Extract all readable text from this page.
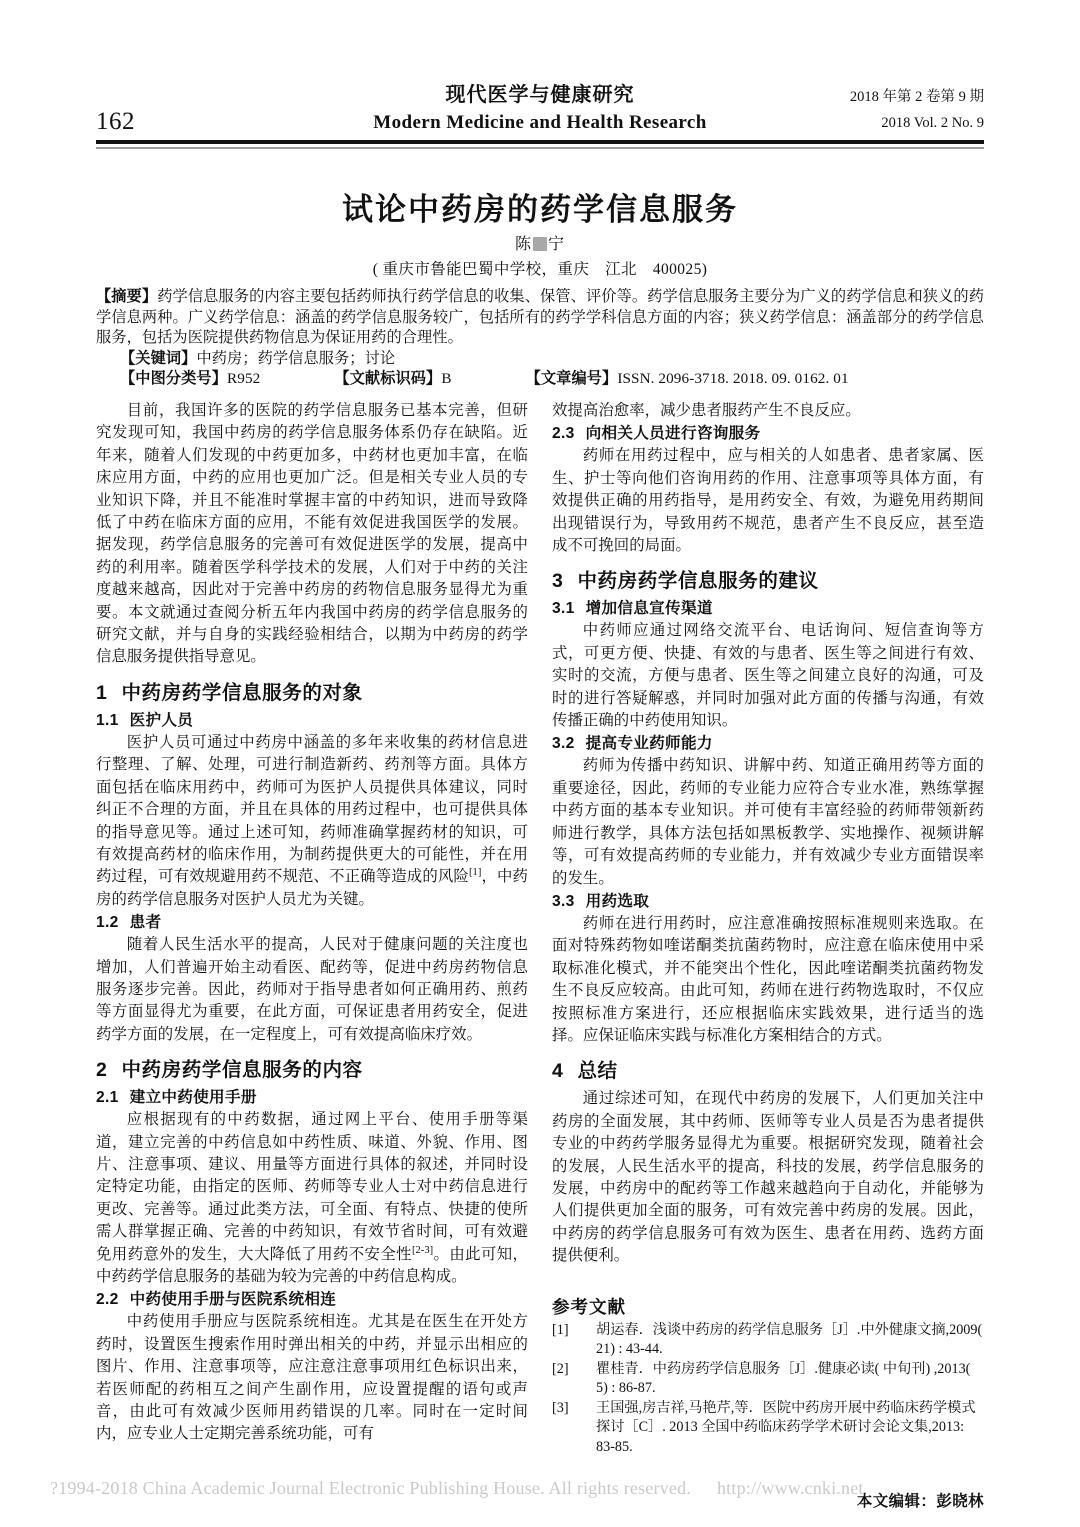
162
现代医学与健康研究
Modern Medicine and Health Research
2018 年第 2 卷第 9 期
2018 Vol. 2 No. 9
试论中药房的药学信息服务
陈 宁
( 重庆市鲁能巴蜀中学校，重庆　江北　400025)

【摘要】药学信息服务的内容主要包括药师执行药学信息的收集、保管、评价等。药学信息服务主要分为广义的药学信息和狭义的药学信息两种。广义药学信息：涵盖的药学信息服务较广，包括所有的药学学科信息方面的内容；狭义药学信息：涵盖部分的药学信息服务，包括为医院提供药物信息为保证用药的合理性。

【关键词】中药房；药学信息服务；讨论

【中图分类号】R952	【文献标识码】B	【文章编号】ISSN. 2096-3718. 2018. 09. 0162. 01

目前，我国许多的医院的药学信息服务已基本完善，但研究发现可知，我国中药房的药学信息服务体系仍存在缺陷。近年来，随着人们发现的中药更加多，中药材也更加丰富，在临床应用方面，中药的应用也更加广泛。但是相关专业人员的专业知识下降，并且不能准时掌握丰富的中药知识，进而导致降低了中药在临床方面的应用，不能有效促进我国医学的发展。据发现，药学信息服务的完善可有效促进医学的发展，提高中药的利用率。随着医学科学技术的发展，人们对于中药的关注度越来越高，因此对于完善中药房的药物信息服务显得尤为重要。本文就通过查阅分析五年内我国中药房的药学信息服务的研究文献，并与自身的实践经验相结合，以期为中药房的药学信息服务提供指导意见。

1 中药房药学信息服务的对象
1.1 医护人员

医护人员可通过中药房中涵盖的多年来收集的药材信息进行整理、了解、处理，可进行制造新药、药剂等方面。具体方面包括在临床用药中，药师可为医护人员提供具体建议，同时纠正不合理的方面，并且在具体的用药过程中，也可提供具体的指导意见等。通过上述可知，药师准确掌握药材的知识，可有效提高药材的临床作用，为制药提供更大的可能性，并在用药过程，可有效规避用药不规范、不正确等造成的风险[1]，中药房的药学信息服务对医护人员尤为关键。

1.2 患者

随着人民生活水平的提高，人民对于健康问题的关注度也增加，人们普遍开始主动看医、配药等，促进中药房药物信息服务逐步完善。因此，药师对于指导患者如何正确用药、煎药等方面显得尤为重要，在此方面，可保证患者用药安全，促进药学方面的发展，在一定程度上，可有效提高临床疗效。

2 中药房药学信息服务的内容
2.1 建立中药使用手册

应根据现有的中药数据，通过网上平台、使用手册等渠道，建立完善的中药信息如中药性质、味道、外貌、作用、图片、注意事项、建议、用量等方面进行具体的叙述，并同时设定特定功能，由指定的医师、药师等专业人士对中药信息进行更改、完善等。通过此类方法，可全面、有特点、快捷的使所需人群掌握正确、完善的中药知识，有效节省时间，可有效避免用药意外的发生，大大降低了用药不安全性[2-3]。由此可知，中药药学信息服务的基础为较为完善的中药信息构成。

2.2 中药使用手册与医院系统相连

中药使用手册应与医院系统相连。尤其是在医生在开处方药时，设置医生搜索作用时弹出相关的中药，并显示出相应的图片、作用、注意事项等，应注意注意事项用红色标识出来，若医师配的药相互之间产生副作用，应设置提醒的语句或声音，由此可有效减少医师用药错误的几率。同时在一定时间内，应专业人士定期完善系统功能，可有

效提高治愈率，减少患者服药产生不良反应。

2.3 向相关人员进行咨询服务

药师在用药过程中，应与相关的人如患者、患者家属、医生、护士等向他们咨询用药的作用、注意事项等具体方面，有效提供正确的用药指导，是用药安全、有效，为避免用药期间出现错误行为，导致用药不规范，患者产生不良反应，甚至造成不可挽回的局面。

3 中药房药学信息服务的建议
3.1 增加信息宣传渠道

中药师应通过网络交流平台、电话询问、短信查询等方式，可更方便、快捷、有效的与患者、医生等之间进行有效、实时的交流，方便与患者、医生等之间建立良好的沟通，可及时的进行答疑解惑，并同时加强对此方面的传播与沟通，有效传播正确的中药使用知识。

3.2 提高专业药师能力

药师为传播中药知识、讲解中药、知道正确用药等方面的重要途径，因此，药师的专业能力应符合专业水准，熟练掌握中药方面的基本专业知识。并可使有丰富经验的药师带领新药师进行教学，具体方法包括如黑板教学、实地操作、视频讲解等，可有效提高药师的专业能力，并有效减少专业方面错误率的发生。

3.3 用药选取

药师在进行用药时，应注意准确按照标准规则来选取。在面对特殊药物如喹诺酮类抗菌药物时，应注意在临床使用中采取标准化模式，并不能突出个性化，因此喹诺酮类抗菌药物发生不良反应较高。由此可知，药师在进行药物选取时，不仅应按照标准方案进行，还应根据临床实践效果，进行适当的选择。应保证临床实践与标准化方案相结合的方式。

4 总结

通过综述可知，在现代中药房的发展下，人们更加关注中药房的全面发展，其中药师、医师等专业人员是否为患者提供专业的中药药学服务显得尤为重要。根据研究发现，随着社会的发展，人民生活水平的提高，科技的发展，药学信息服务的发展，中药房中的配药等工作越来越趋向于自动化，并能够为人们提供更加全面的服务，可有效完善中药房的发展。因此，中药房的药学信息服务可有效为医生、患者在用药、选药方面提供便利。

参考文献
[1]	胡运春．浅谈中药房的药学信息服务［J］.中外健康文摘,2009( 21) : 43-44.
[2]	瞿桂青．中药房药学信息服务［J］.健康必读( 中旬刊) ,2013( 5) : 86-87.
[3]	王国强,房吉祥,马艳芹,等．医院中药房开展中药临床药学模式探讨［C］. 2013 全国中药临床药学学术研讨会论文集,2013: 83-85.
本文编辑：彭晓林
?1994-2018 China Academic Journal Electronic Publishing House. All rights reserved. http://www.cnki.net
